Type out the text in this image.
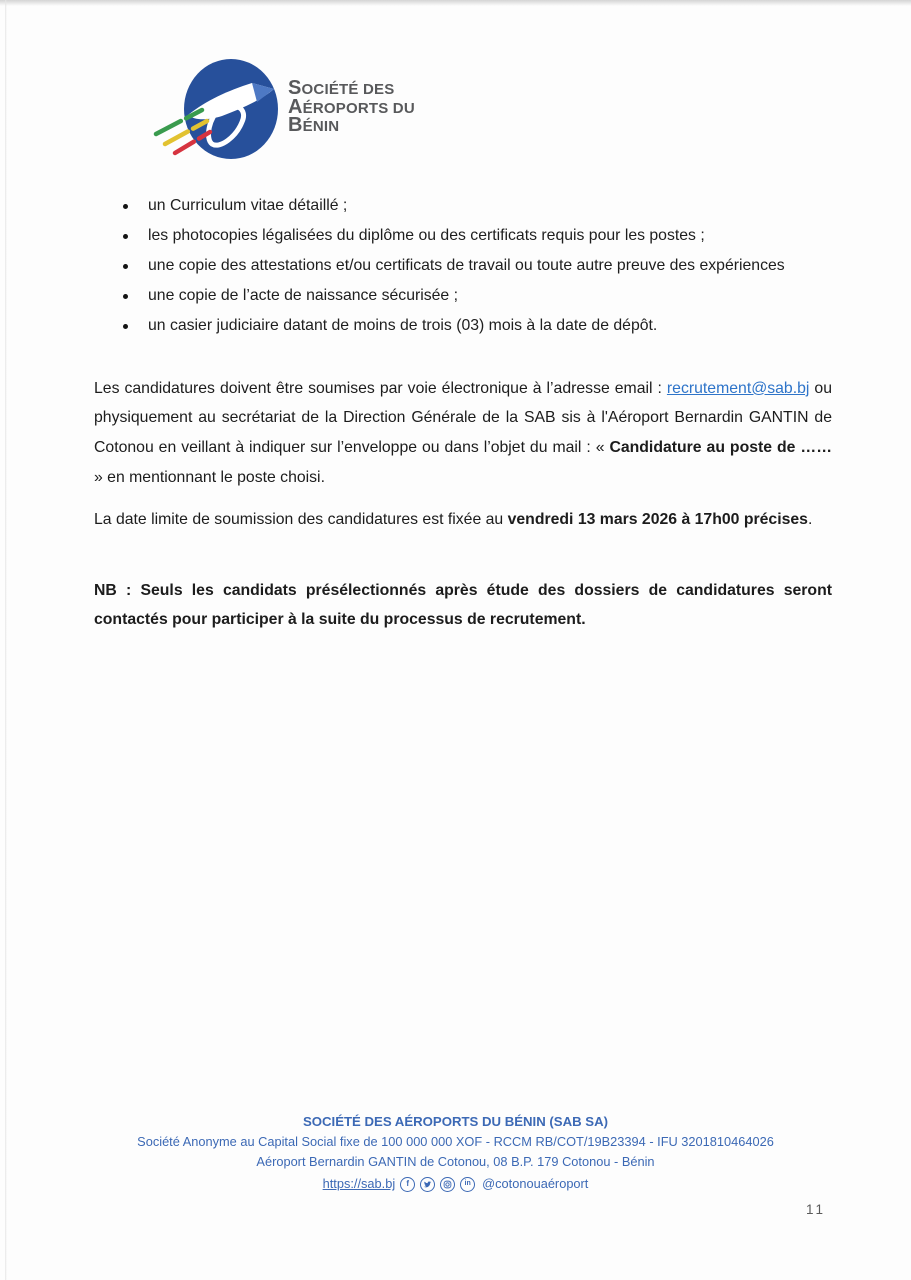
SOCIÉTÉ DES
AÉROPORTS DU
BÉNIN
un Curriculum vitae détaillé ;
les photocopies légalisées du diplôme ou des certificats requis pour les postes ;
une copie des attestations et/ou certificats de travail ou toute autre preuve des expériences
une copie de l’acte de naissance sécurisée ;
un casier judiciaire datant de moins de trois (03) mois à la date de dépôt.

Les candidatures doivent être soumises par voie électronique à l’adresse email : recrutement@sab.bj ou physiquement au secrétariat de la Direction Générale de la SAB sis à l'Aéroport Bernardin GANTIN de Cotonou en veillant à indiquer sur l’enveloppe ou dans l’objet du mail : « Candidature au poste de …… » en mentionnant le poste choisi.

La date limite de soumission des candidatures est fixée au vendredi 13 mars 2026 à 17h00 précises.

NB : Seuls les candidats présélectionnés après étude des dossiers de candidatures seront contactés pour participer à la suite du processus de recrutement.

SOCIÉTÉ DES AÉROPORTS DU BÉNIN (SAB SA)
Société Anonyme au Capital Social fixe de 100 000 000 XOF - RCCM RB/COT/19B23394 - IFU 3201810464026
Aéroport Bernardin GANTIN de Cotonou, 08 B.P. 179 Cotonou - Bénin
https://sab.bj	f	in @cotonouaéroport
11
